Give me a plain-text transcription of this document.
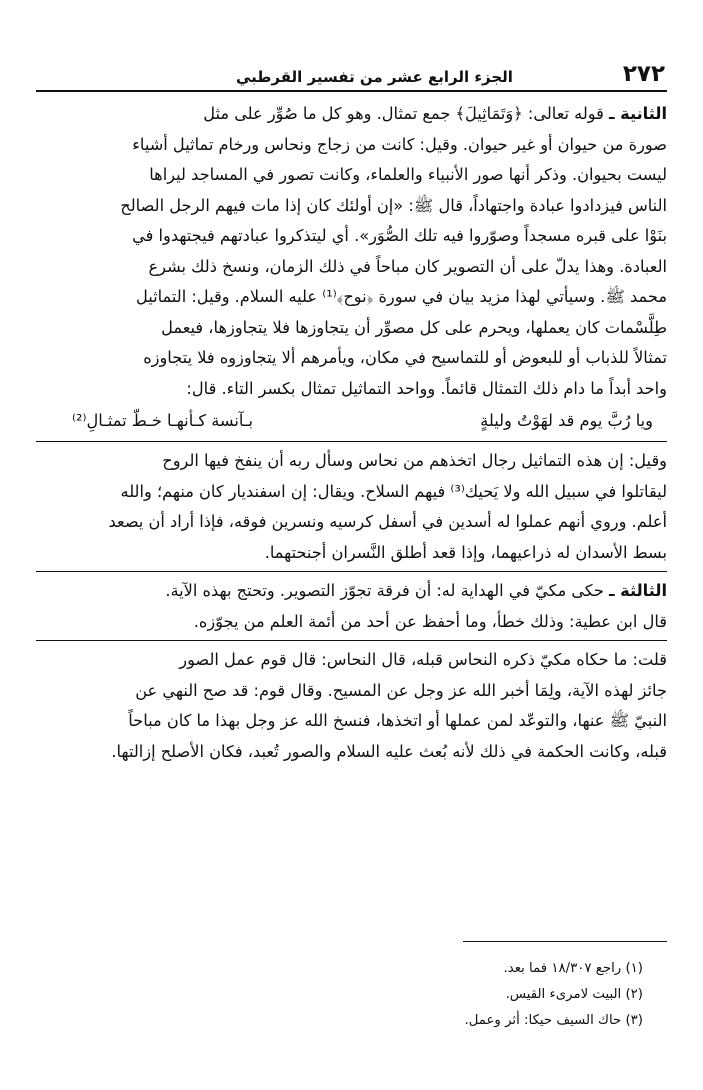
٢٧٢
الجزء الرابع عشر من تفسير القرطبي

الثانية ـ قوله تعالى: ﴿وَتَمَاثِيلَ﴾ جمع تمثال. وهو كل ما صُوِّر على مثل

صورة من حيوان أو غير حيوان. وقيل: كانت من زجاج ونحاس ورخام تماثيل أشياء

ليست بحيوان. وذكر أنها صور الأنبياء والعلماء، وكانت تصور في المساجد ليراها

الناس فيزدادوا عبادة واجتهاداً، قال ﷺ: «إن أولئك كان إذا مات فيهم الرجل الصالح

بنَوْا على قبره مسجداً وصوّروا فيه تلك الصُّوَر». أي ليتذكروا عبادتهم فيجتهدوا في

العبادة. وهذا يدلّ على أن التصوير كان مباحاً في ذلك الزمان، ونسخ ذلك بشرع

محمد ﷺ. وسيأتي لهذا مزيد بيان في سورة ﴿نوح﴾⁽¹⁾ عليه السلام. وقيل: التماثيل

طِلَّسْمات كان يعملها، ويحرم على كل مصوِّر أن يتجاوزها فلا يتجاوزها، فيعمل

تمثالاً للذباب أو للبعوض أو للتماسيح في مكان، ويأمرهم ألا يتجاوزوه فلا يتجاوزه

واحد أبداً ما دام ذلك التمثال قائماً. وواحد التماثيل تمثال بكسر التاء. قال:

ويا رُبَّ يوم قد لهَوْتُ وليلةٍ
بـآنسة كـأنهـا خـطّ تمثـالِ⁽²⁾

وقيل: إن هذه التماثيل رجال اتخذهم من نحاس وسأل ربه أن ينفخ فيها الروح

ليقاتلوا في سبيل الله ولا يَحيك⁽³⁾ فيهم السلاح. ويقال: إن اسفنديار كان منهم؛ والله

أعلم. وروي أنهم عملوا له أسدين في أسفل كرسيه ونسرين فوقه، فإذا أراد أن يصعد

بسط الأسدان له ذراعيهما، وإذا قعد أطلق النَّسران أجنحتهما.

الثالثة ـ حكى مكيّ في الهداية له: أن فرقة تجوّز التصوير. وتحتج بهذه الآية.

قال ابن عطية: وذلك خطأ، وما أحفظ عن أحد من أئمة العلم من يجوّزه.

قلت: ما حكاه مكيّ ذكره النحاس قبله، قال النحاس: قال قوم عمل الصور

جائز لهذه الآية، ولِمَا أخبر الله عز وجل عن المسيح. وقال قوم: قد صح النهي عن

النبيّ ﷺ عنها، والتوعّد لمن عملها أو اتخذها، فنسخ الله عز وجل بهذا ما كان مباحاً

قبله، وكانت الحكمة في ذلك لأنه بُعث عليه السلام والصور تُعبد، فكان الأصلح إزالتها.

(١) راجع ١٨/٣٠٧ فما بعد.
(٢) البيت لامرىء القيس.
(٣) حاك السيف حيكا: أثر وعمل.
